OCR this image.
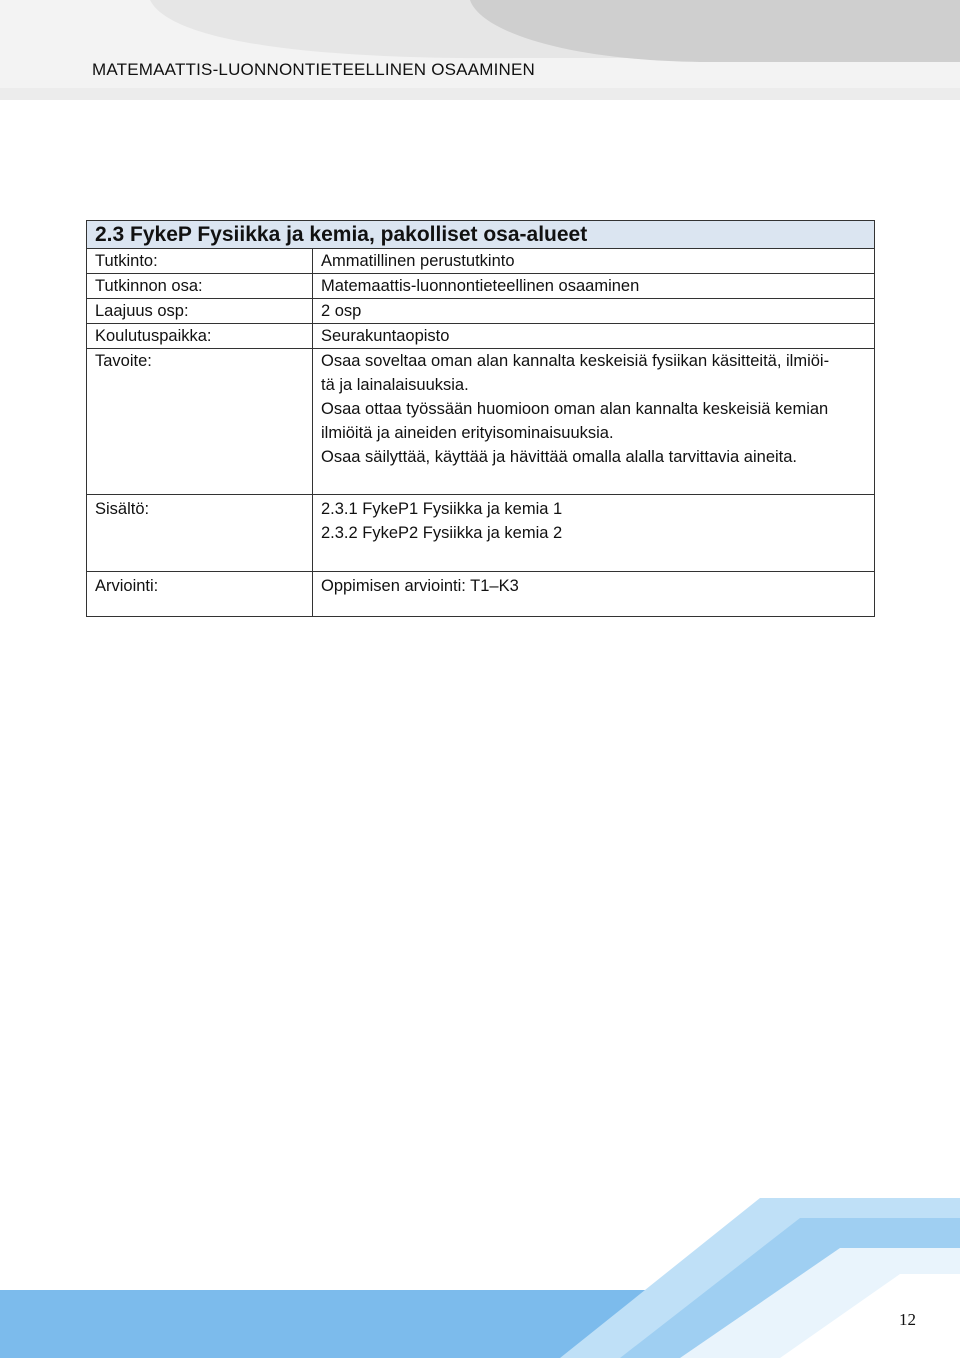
MATEMAATTIS-LUONNONTIETEELLINEN OSAAMINEN
2.3 FykeP Fysiikka ja kemia, pakolliset osa-alueet	
Tutkinto:	Ammatillinen perustutkinto
Tutkinnon osa:	Matemaattis-luonnontieteellinen osaaminen
Laajuus osp:	2 osp
Koulutuspaikka:	Seurakuntaopisto
Tavoite:	Osaa soveltaa oman alan kannalta keskeisiä fysiikan käsitteitä, ilmiöi-
tä ja lainalaisuuksia.
Osaa ottaa työssään huomioon oman alan kannalta keskeisiä kemian
ilmiöitä ja aineiden erityisominaisuuksia.
Osaa säilyttää, käyttää ja hävittää omalla alalla tarvittavia aineita.

Sisältö:	2.3.1 FykeP1 Fysiikka ja kemia 1
2.3.2 FykeP2 Fysiikka ja kemia 2

Arviointi:	Oppimisen arviointi: T1–K3
12
